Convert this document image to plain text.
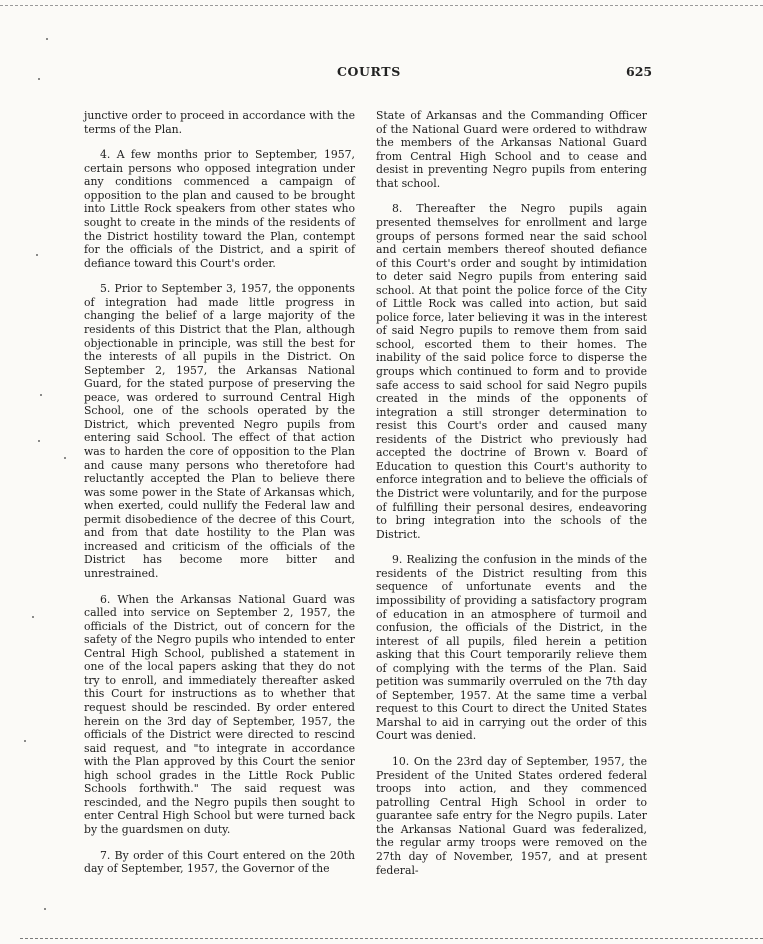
COURTS	625

junctive order to proceed in accordance with the terms of the Plan.

4. A few months prior to September, 1957, certain persons who opposed integration under any conditions commenced a campaign of opposition to the plan and caused to be brought into Little Rock speakers from other states who sought to create in the minds of the residents of the District hostility toward the Plan, contempt for the officials of the District, and a spirit of defiance toward this Court's order.

5. Prior to September 3, 1957, the opponents of integration had made little progress in changing the belief of a large majority of the residents of this District that the Plan, although objectionable in principle, was still the best for the interests of all pupils in the District. On September 2, 1957, the Arkansas National Guard, for the stated purpose of preserving the peace, was ordered to surround Central High School, one of the schools operated by the District, which prevented Negro pupils from entering said School. The effect of that action was to harden the core of opposition to the Plan and cause many persons who theretofore had reluctantly accepted the Plan to believe there was some power in the State of Arkansas which, when exerted, could nullify the Federal law and permit disobedience of the decree of this Court, and from that date hostility to the Plan was increased and criticism of the officials of the District has become more bitter and unrestrained.

6. When the Arkansas National Guard was called into service on September 2, 1957, the officials of the District, out of concern for the safety of the Negro pupils who intended to enter Central High School, published a statement in one of the local papers asking that they do not try to enroll, and immediately thereafter asked this Court for instructions as to whether that request should be rescinded. By order entered herein on the 3rd day of September, 1957, the officials of the District were directed to rescind said request, and "to integrate in accordance with the Plan approved by this Court the senior high school grades in the Little Rock Public Schools forthwith." The said request was rescinded, and the Negro pupils then sought to enter Central High School but were turned back by the guardsmen on duty.

7. By order of this Court entered on the 20th day of September, 1957, the Governor of the

State of Arkansas and the Commanding Officer of the National Guard were ordered to withdraw the members of the Arkansas National Guard from Central High School and to cease and desist in preventing Negro pupils from entering that school.

8. Thereafter the Negro pupils again presented themselves for enrollment and large groups of persons formed near the said school and certain members thereof shouted defiance of this Court's order and sought by intimidation to deter said Negro pupils from entering said school. At that point the police force of the City of Little Rock was called into action, but said police force, later believing it was in the interest of said Negro pupils to remove them from said school, escorted them to their homes. The inability of the said police force to disperse the groups which continued to form and to provide safe access to said school for said Negro pupils created in the minds of the opponents of integration a still stronger determination to resist this Court's order and caused many residents of the District who previously had accepted the doctrine of Brown v. Board of Education to question this Court's authority to enforce integration and to believe the officials of the District were voluntarily, and for the purpose of fulfilling their personal desires, endeavoring to bring integration into the schools of the District.

9. Realizing the confusion in the minds of the residents of the District resulting from this sequence of unfortunate events and the impossibility of providing a satisfactory program of education in an atmosphere of turmoil and confusion, the officials of the District, in the interest of all pupils, filed herein a petition asking that this Court temporarily relieve them of complying with the terms of the Plan. Said petition was summarily overruled on the 7th day of September, 1957. At the same time a verbal request to this Court to direct the United States Marshal to aid in carrying out the order of this Court was denied.

10. On the 23rd day of September, 1957, the President of the United States ordered federal troops into action, and they commenced patrolling Central High School in order to guarantee safe entry for the Negro pupils. Later the Arkansas National Guard was federalized, the regular army troops were removed on the 27th day of November, 1957, and at present federal-
